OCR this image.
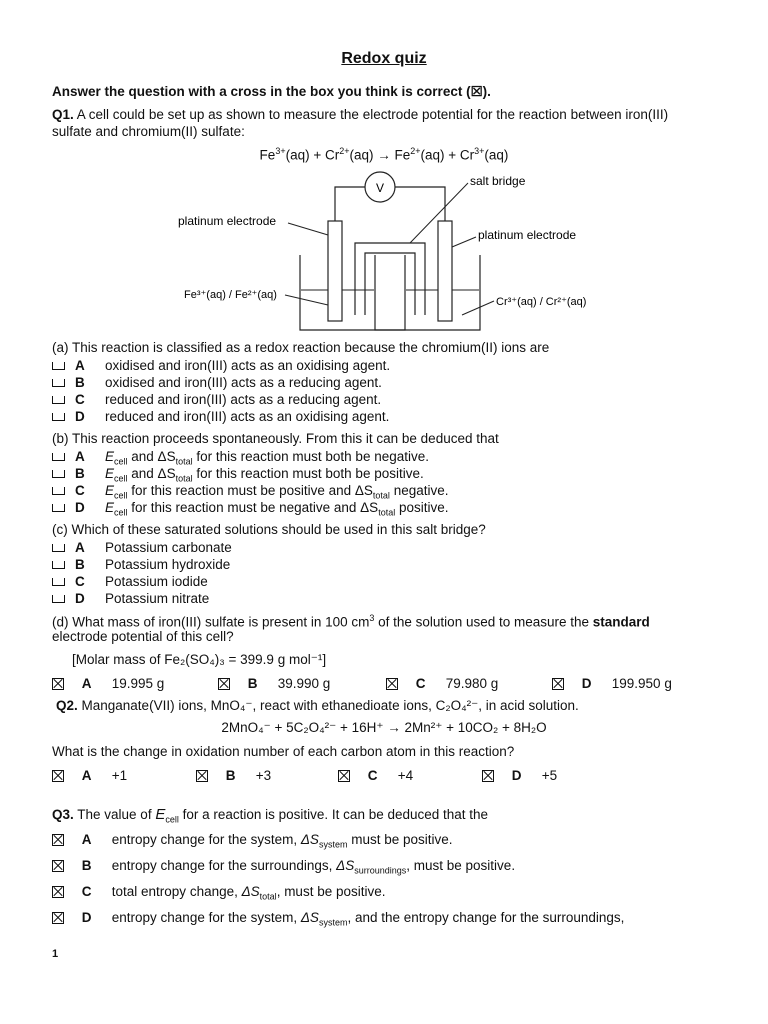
Redox quiz
Answer the question with a cross in the box you think is correct (☒).
Q1. A cell could be set up as shown to measure the electrode potential for the reaction between iron(III)
sulfate and chromium(II) sulfate:
$Fe^{3+}(aq) + Cr^{2+}(aq) \to Fe^{2+}(aq) + Cr^{3+}(aq)$
V	salt bridge
platinum electrode
platinum electrode
Fe³⁺(aq) / Fe²⁺(aq)
Cr³⁺(aq) / Cr²⁺(aq)
(a) This reaction is classified as a redox reaction because the chromium(II) ions are
A oxidised and iron(III) acts as an oxidising agent.
B oxidised and iron(III) acts as a reducing agent.
C reduced and iron(III) acts as a reducing agent.
D reduced and iron(III) acts as an oxidising agent.
(b) This reaction proceeds spontaneously. From this it can be deduced that
A $E_{cell}$ and $\Delta S_{total}$ for this reaction must both be negative.
B $E_{cell}$ and $\Delta S_{total}$ for this reaction must both be positive.
C $E_{cell}$ for this reaction must be positive and $\Delta S_{total}$ negative.
D $E_{cell}$ for this reaction must be negative and $\Delta S_{total}$ positive.
(c) Which of these saturated solutions should be used in this salt bridge?
A Potassium carbonate
B Potassium hydroxide
C Potassium iodide
D Potassium nitrate
(d) What mass of iron(III) sulfate is present in 100 $cm^3$ of the solution used to measure the standard
electrode potential of this cell?
[Molar mass of Fe₂(SO₄)₃ = 399.9 g mol⁻¹]
A 19.995 g	B 39.990 g	C 79.980 g	D 199.950 g
Q2. Manganate(VII) ions, MnO₄⁻, react with ethanedioate ions, C₂O₄²⁻, in acid solution.
2MnO₄⁻ + 5C₂O₄²⁻ + 16H⁺ → 2Mn²⁺ + 10CO₂ + 8H₂O
What is the change in oxidation number of each carbon atom in this reaction?
A +1	B +3	C +4	D +5
Q3. The value of $E_{cell}$ for a reaction is positive. It can be deduced that the
A entropy change for the system, $\Delta S_{system}$ must be positive.
B entropy change for the surroundings, $\Delta S_{surroundings}$, must be positive.
C total entropy change, $\Delta S_{total}$, must be positive.
D entropy change for the system, $\Delta S_{system}$, and the entropy change for the surroundings,
1
